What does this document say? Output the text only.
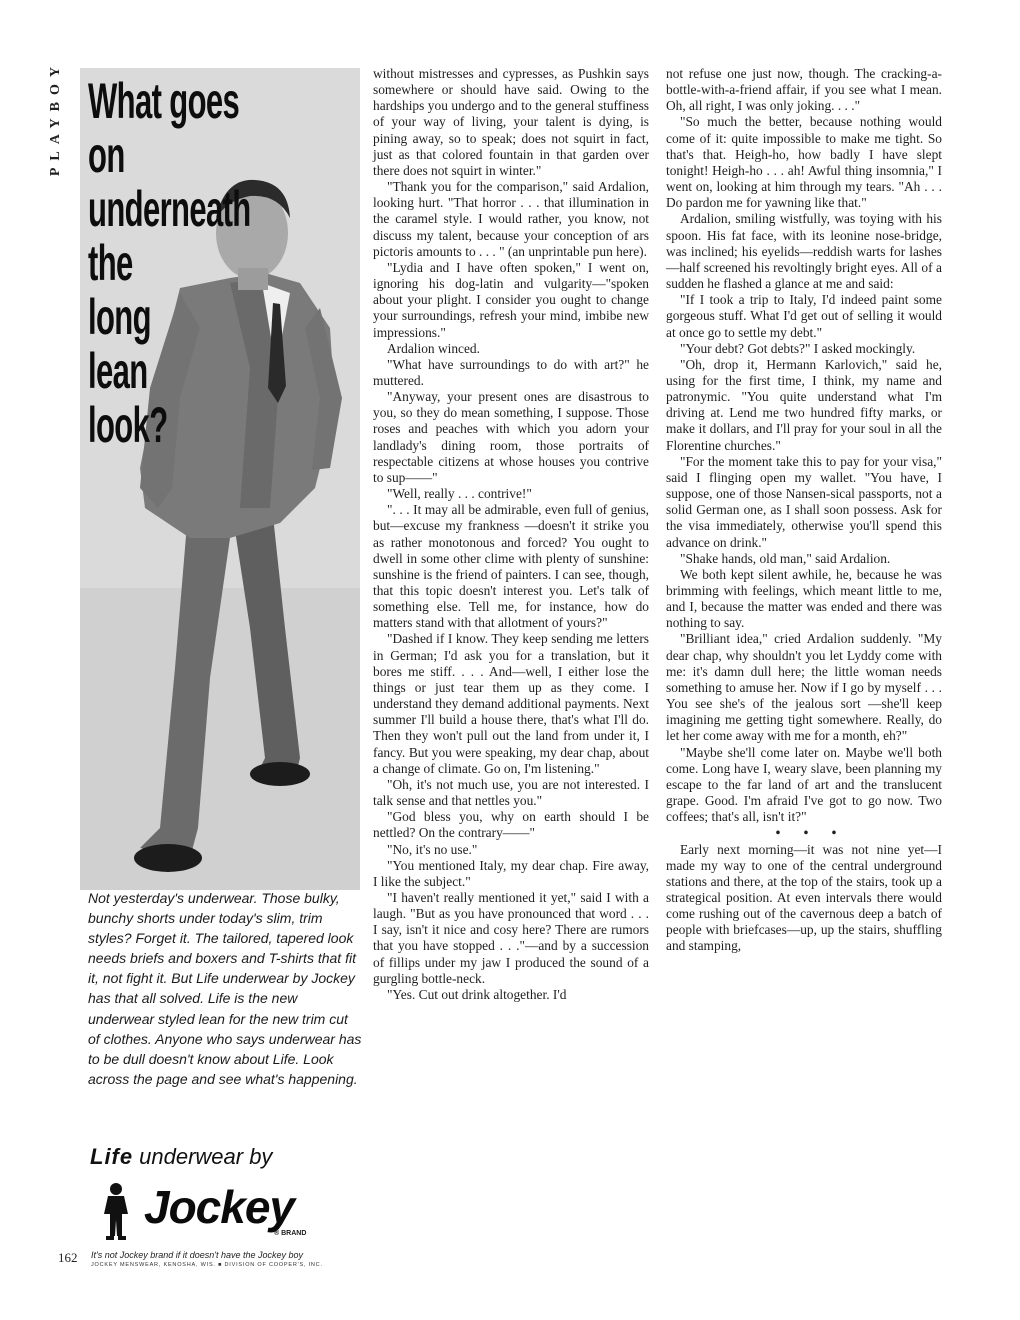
PLAYBOY What goes on
underneath
the
long
lean
look?

Not yesterday's underwear. Those bulky, bunchy shorts under today's slim, trim styles? Forget it. The tailored, tapered look needs briefs and boxers and T-shirts that fit it, not fight it. But Life underwear by Jockey has that all solved. Life is the new underwear styled lean for the new trim cut of clothes. Anyone who says underwear has to be dull doesn't know about Life. Look across the page and see what's happening.

Life underwear by
Jockey
® BRAND
162 It's not Jockey brand if it doesn't have the Jockey boy
JOCKEY MENSWEAR, KENOSHA, WIS. ■ DIVISION OF COOPER'S, INC.

without mistresses and cypresses, as Pushkin says somewhere or should have said. Owing to the hardships you undergo and to the general stuffiness of your way of living, your talent is dying, is pining away, so to speak; does not squirt in fact, just as that colored fountain in that garden over there does not squirt in winter."

"Thank you for the comparison," said Ardalion, looking hurt. "That horror . . . that illumination in the caramel style. I would rather, you know, not discuss my talent, because your conception of ars pictoris amounts to . . . " (an unprintable pun here).

"Lydia and I have often spoken," I went on, ignoring his dog-latin and vulgarity—"spoken about your plight. I consider you ought to change your surroundings, refresh your mind, imbibe new impressions."

Ardalion winced.

"What have surroundings to do with art?" he muttered.

"Anyway, your present ones are disastrous to you, so they do mean something, I suppose. Those roses and peaches with which you adorn your landlady's dining room, those portraits of respectable citizens at whose houses you contrive to sup——"

"Well, really . . . contrive!"

". . . It may all be admirable, even full of genius, but—excuse my frankness —doesn't it strike you as rather monotonous and forced? You ought to dwell in some other clime with plenty of sunshine: sunshine is the friend of painters. I can see, though, that this topic doesn't interest you. Let's talk of something else. Tell me, for instance, how do matters stand with that allotment of yours?"

"Dashed if I know. They keep sending me letters in German; I'd ask you for a translation, but it bores me stiff. . . . And—well, I either lose the things or just tear them up as they come. I understand they demand additional payments. Next summer I'll build a house there, that's what I'll do. Then they won't pull out the land from under it, I fancy. But you were speaking, my dear chap, about a change of climate. Go on, I'm listening."

"Oh, it's not much use, you are not interested. I talk sense and that nettles you."

"God bless you, why on earth should I be nettled? On the contrary——"

"No, it's no use."

"You mentioned Italy, my dear chap. Fire away, I like the subject."

"I haven't really mentioned it yet," said I with a laugh. "But as you have pronounced that word . . . I say, isn't it nice and cosy here? There are rumors that you have stopped . . ."—and by a succession of fillips under my jaw I produced the sound of a gurgling bottle-neck.

"Yes. Cut out drink altogether. I'd

not refuse one just now, though. The cracking-a-bottle-with-a-friend affair, if you see what I mean. Oh, all right, I was only joking. . . ."

"So much the better, because nothing would come of it: quite impossible to make me tight. So that's that. Heigh-ho, how badly I have slept tonight! Heigh-ho . . . ah! Awful thing insomnia," I went on, looking at him through my tears. "Ah . . . Do pardon me for yawning like that."

Ardalion, smiling wistfully, was toying with his spoon. His fat face, with its leonine nose-bridge, was inclined; his eyelids—reddish warts for lashes—half screened his revoltingly bright eyes. All of a sudden he flashed a glance at me and said:

"If I took a trip to Italy, I'd indeed paint some gorgeous stuff. What I'd get out of selling it would at once go to settle my debt."

"Your debt? Got debts?" I asked mockingly.

"Oh, drop it, Hermann Karlovich," said he, using for the first time, I think, my name and patronymic. "You quite understand what I'm driving at. Lend me two hundred fifty marks, or make it dollars, and I'll pray for your soul in all the Florentine churches."

"For the moment take this to pay for your visa," said I flinging open my wallet. "You have, I suppose, one of those Nansen-sical passports, not a solid German one, as I shall soon possess. Ask for the visa immediately, otherwise you'll spend this advance on drink."

"Shake hands, old man," said Ardalion.

We both kept silent awhile, he, because he was brimming with feelings, which meant little to me, and I, because the matter was ended and there was nothing to say.

"Brilliant idea," cried Ardalion suddenly. "My dear chap, why shouldn't you let Lyddy come with me: it's damn dull here; the little woman needs something to amuse her. Now if I go by myself . . . You see she's of the jealous sort —she'll keep imagining me getting tight somewhere. Really, do let her come away with me for a month, eh?"

"Maybe she'll come later on. Maybe we'll both come. Long have I, weary slave, been planning my escape to the far land of art and the translucent grape. Good. I'm afraid I've got to go now. Two coffees; that's all, isn't it?"

• • •

Early next morning—it was not nine yet—I made my way to one of the central underground stations and there, at the top of the stairs, took up a strategical position. At even intervals there would come rushing out of the cavernous deep a batch of people with briefcases—up, up the stairs, shuffling and stamping,
